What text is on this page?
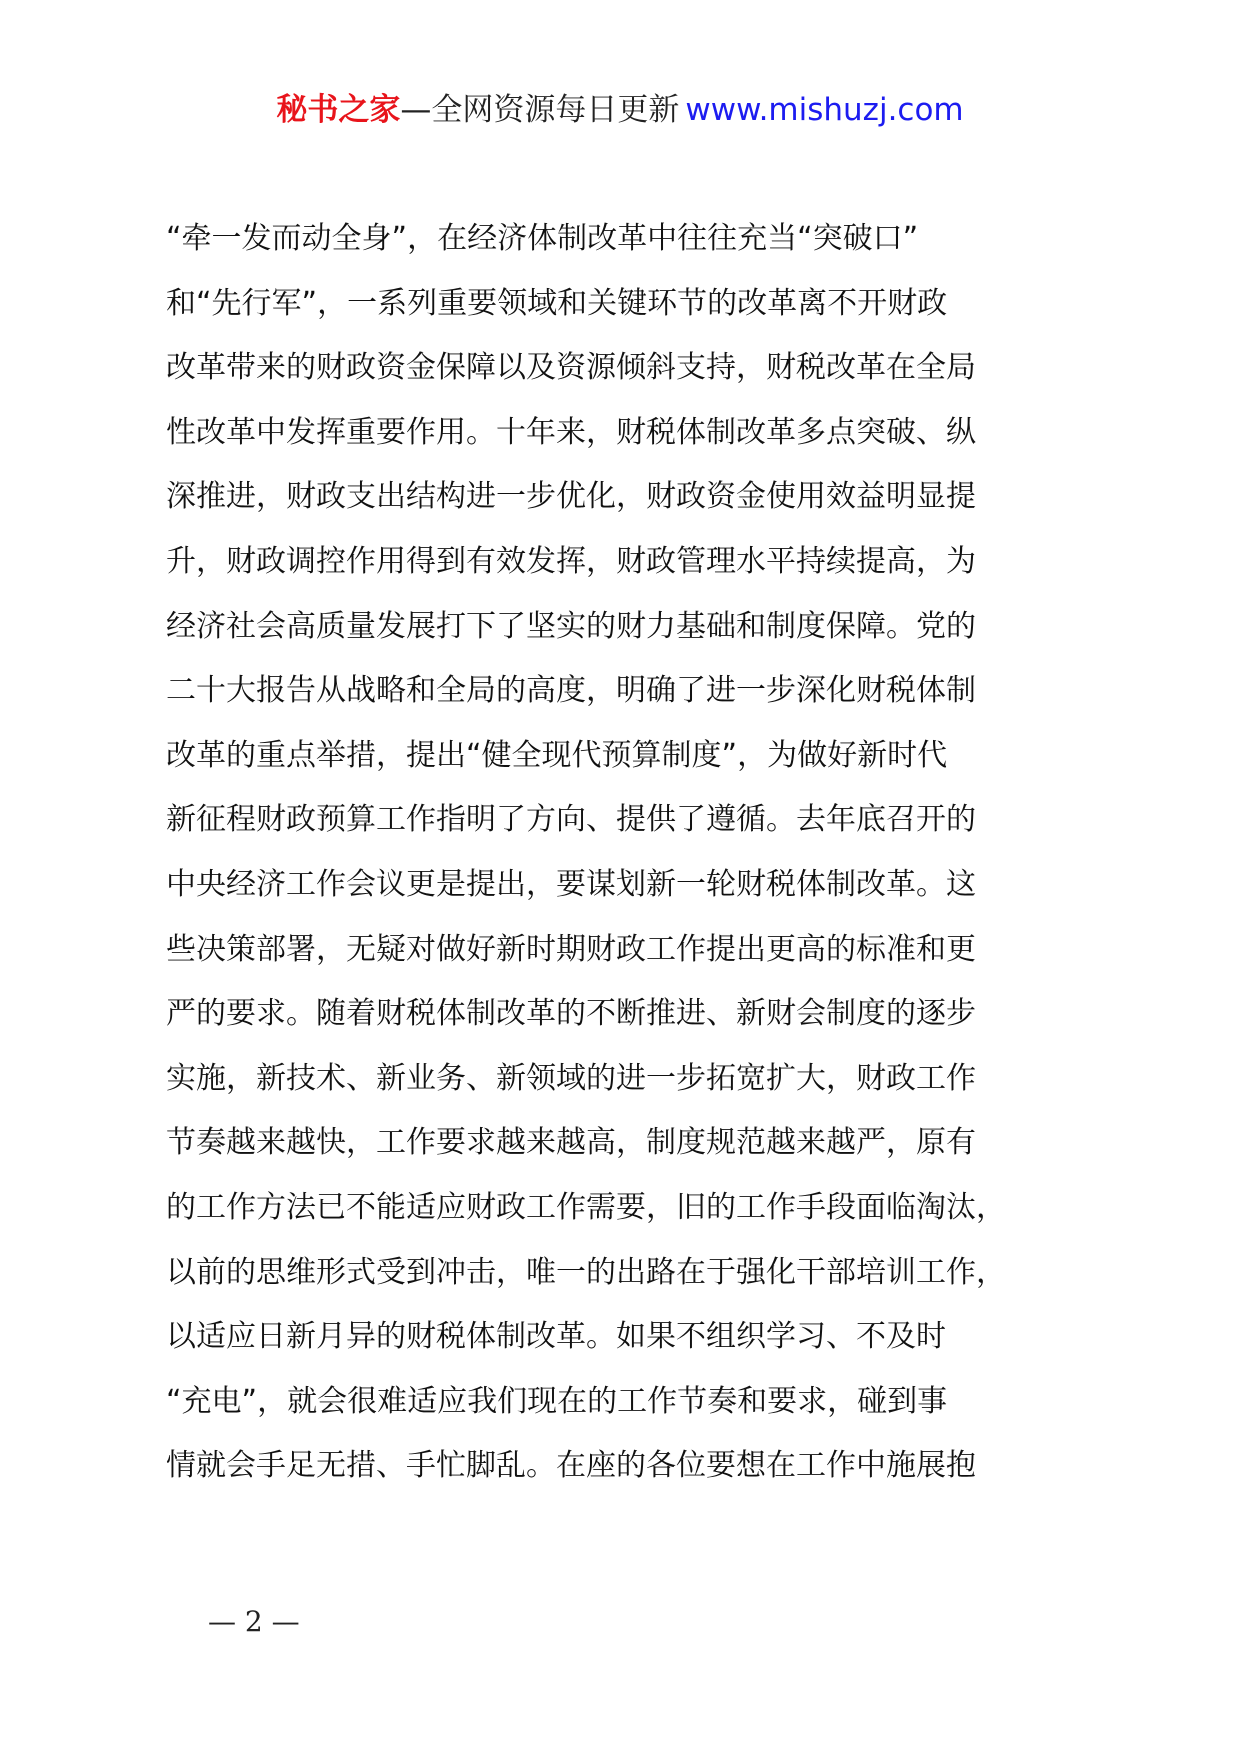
秘书之家—全网资源每日更新 www.mishuzj.com
“牵一发而动全身”，在经济体制改革中往往充当“突破口”
和“先行军”，一系列重要领域和关键环节的改革离不开财政
改革带来的财政资金保障以及资源倾斜支持，财税改革在全局
性改革中发挥重要作用。十年来，财税体制改革多点突破、纵
深推进，财政支出结构进一步优化，财政资金使用效益明显提
升，财政调控作用得到有效发挥，财政管理水平持续提高，为
经济社会高质量发展打下了坚实的财力基础和制度保障。党的
二十大报告从战略和全局的高度，明确了进一步深化财税体制
改革的重点举措，提出“健全现代预算制度”，为做好新时代
新征程财政预算工作指明了方向、提供了遵循。去年底召开的
中央经济工作会议更是提出，要谋划新一轮财税体制改革。这
些决策部署，无疑对做好新时期财政工作提出更高的标准和更
严的要求。随着财税体制改革的不断推进、新财会制度的逐步
实施，新技术、新业务、新领域的进一步拓宽扩大，财政工作
节奏越来越快，工作要求越来越高，制度规范越来越严，原有
的工作方法已不能适应财政工作需要，旧的工作手段面临淘汰，
以前的思维形式受到冲击，唯一的出路在于强化干部培训工作，
以适应日新月异的财税体制改革。如果不组织学习、不及时
“充电”，就会很难适应我们现在的工作节奏和要求，碰到事
情就会手足无措、手忙脚乱。在座的各位要想在工作中施展抱
— 2 —
